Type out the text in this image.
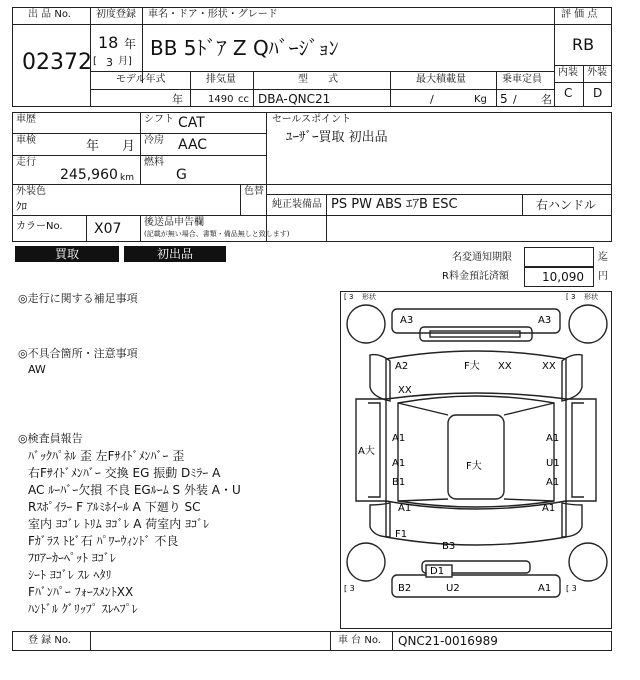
出 品 No.
02372
初度登録
18 年
[ 3 月]
車名・ドア・形状・グレード
BB 5ﾄﾞｱ Z Qﾊﾞｰｼﾞｮﾝ
評 価 点
RB
内装 外装
C D
モデル年式
年
排気量
1490 cc
型　　式
DBA-QNC21
最大積載量
/	Kg
乗車定員
5 / 名
車歴
車検	年 月
走行
245,960 km
シフト CAT
冷房 AAC
燃料
G
セールスポイント
ﾕｰｻﾞｰ買取 初出品
外装色
ｸﾛ
色替
純正装備品 PS PW ABS ｴｱB ESC	右ハンドル
カラーNo. X07 後送品申告欄
(記載が無い場合、書類・備品無しと致します)
買取	初出品	名変通知期限	迄
R料金預託済額	10,090 円
◎走行に関する補足事項
◎不具合箇所・注意事項
AW
◎検査員報告
ﾊﾞｯｸﾊﾟﾈﾙ 歪 左Fｻｲﾄﾞﾒﾝﾊﾞｰ 歪
右Fｻｲﾄﾞﾒﾝﾊﾞｰ 交換 EG 振動 Dﾐﾗｰ A
AC ﾙｰﾊﾞｰ欠損 不良 EGﾙｰﾑ S 外装 A・U
Rｽﾎﾟｲﾗｰ F ｱﾙﾐﾎｲｰﾙ A 下廻り SC
室内 ﾖｺﾞﾚ ﾄﾘﾑ ﾖｺﾞﾚ A 荷室内 ﾖｺﾞﾚ
Fｶﾞﾗｽ ﾄﾋﾞ石 ﾊﾟﾜｰｳｨﾝﾄﾞ 不良
ﾌﾛｱｰｶｰﾍﾟｯﾄ ﾖｺﾞﾚ
ｼｰﾄ ﾖｺﾞﾚ ｽﾚ ﾍﾀﾘ
Fﾊﾞﾝﾊﾟｰ ﾌｫｰｽﾒﾝﾄXX
ﾊﾝﾄﾞﾙ ｸﾞﾘｯﾌﾟ ｽﾚﾍﾌﾟﾚ
[ 3 形状	[ 3 形状
[ 3	[ 3
A3	A3
A2
XX
F大 XX	XX
A大
A1	A1
A1	F大	U1
B1	A1
A1	A1
F1
B3
D1
B2	U2	A1
登 録 No.	車 台 No. QNC21-0016989
